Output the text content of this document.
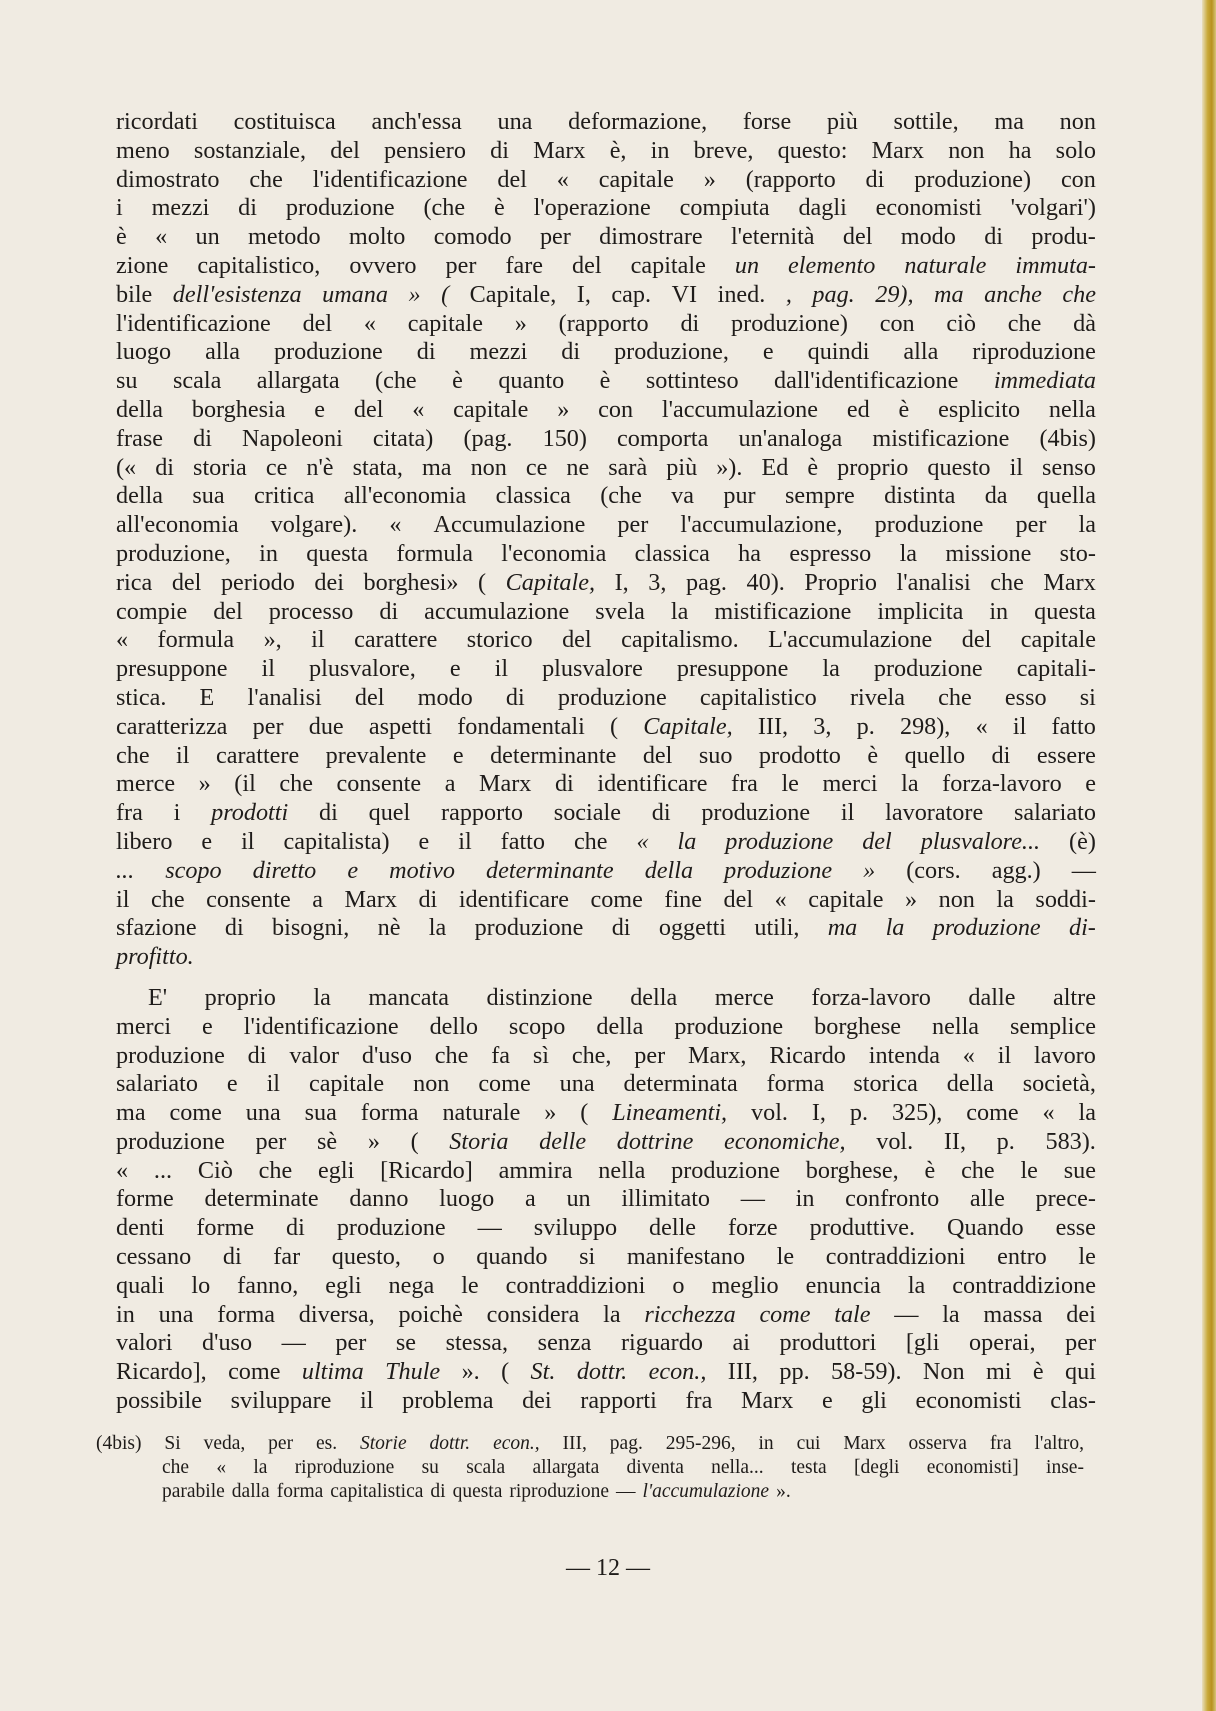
ricordati costituisca anch'essa una deformazione, forse più sottile, ma non
meno sostanziale, del pensiero di Marx è, in breve, questo: Marx non ha solo
dimostrato che l'identificazione del « capitale » (rapporto di produzione) con
i mezzi di produzione (che è l'operazione compiuta dagli economisti 'volgari')
è « un metodo molto comodo per dimostrare l'eternità del modo di produ-
zione capitalistico, ovvero per fare del capitale un elemento naturale immuta-
bile dell'esistenza umana » ( Capitale, I, cap. VI ined. , pag. 29), ma anche che
l'identificazione del « capitale » (rapporto di produzione) con ciò che dà
luogo alla produzione di mezzi di produzione, e quindi alla riproduzione
su scala allargata (che è quanto è sottinteso dall'identificazione immediata
della borghesia e del « capitale » con l'accumulazione ed è esplicito nella
frase di Napoleoni citata) (pag. 150) comporta un'analoga mistificazione (4bis)
(« di storia ce n'è stata, ma non ce ne sarà più »). Ed è proprio questo il senso
della sua critica all'economia classica (che va pur sempre distinta da quella
all'economia volgare). « Accumulazione per l'accumulazione, produzione per la
produzione, in questa formula l'economia classica ha espresso la missione sto-
rica del periodo dei borghesi» ( Capitale, I, 3, pag. 40). Proprio l'analisi che Marx
compie del processo di accumulazione svela la mistificazione implicita in questa
« formula », il carattere storico del capitalismo. L'accumulazione del capitale
presuppone il plusvalore, e il plusvalore presuppone la produzione capitali-
stica. E l'analisi del modo di produzione capitalistico rivela che esso si
caratterizza per due aspetti fondamentali ( Capitale, III, 3, p. 298), « il fatto
che il carattere prevalente e determinante del suo prodotto è quello di essere
merce » (il che consente a Marx di identificare fra le merci la forza-lavoro e
fra i prodotti di quel rapporto sociale di produzione il lavoratore salariato
libero e il capitalista) e il fatto che « la produzione del plusvalore... (è)
... scopo diretto e motivo determinante della produzione » (cors. agg.) —
il che consente a Marx di identificare come fine del « capitale » non la soddi-
sfazione di bisogni, nè la produzione di oggetti utili, ma la produzione di-
profitto.
E' proprio la mancata distinzione della merce forza-lavoro dalle altre
merci e l'identificazione dello scopo della produzione borghese nella semplice
produzione di valor d'uso che fa sì che, per Marx, Ricardo intenda « il lavoro
salariato e il capitale non come una determinata forma storica della società,
ma come una sua forma naturale » ( Lineamenti, vol. I, p. 325), come « la
produzione per sè » ( Storia delle dottrine economiche, vol. II, p. 583).
« ... Ciò che egli [Ricardo] ammira nella produzione borghese, è che le sue
forme determinate danno luogo a un illimitato — in confronto alle prece-
denti forme di produzione — sviluppo delle forze produttive. Quando esse
cessano di far questo, o quando si manifestano le contraddizioni entro le
quali lo fanno, egli nega le contraddizioni o meglio enuncia la contraddizione
in una forma diversa, poichè considera la ricchezza come tale — la massa dei
valori d'uso — per se stessa, senza riguardo ai produttori [gli operai, per
Ricardo], come ultima Thule ». ( St. dottr. econ., III, pp. 58-59). Non mi è qui
possibile sviluppare il problema dei rapporti fra Marx e gli economisti clas-
(4bis) Si veda, per es. Storie dottr. econ., III, pag. 295-296, in cui Marx osserva fra l'altro,
che « la riproduzione su scala allargata diventa nella... testa [degli economisti] inse-
parabile dalla forma capitalistica di questa riproduzione — l'accumulazione ».
— 12 —
